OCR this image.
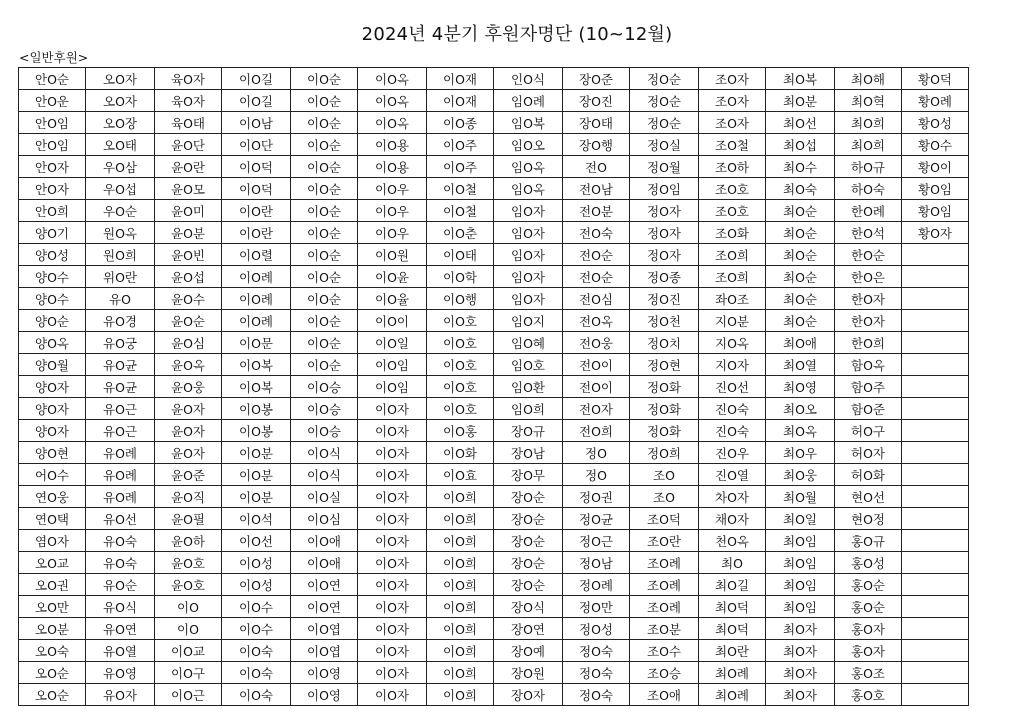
2024년 4분기 후원자명단 (10~12월)
<일반후원>
안O순	오O자	육O자	이O길	이O순	이O옥	이O재	인O식	장O준	정O순	조O자	최O복	최O해	황O덕
안O운	오O자	육O자	이O길	이O순	이O옥	이O재	임O례	장O진	정O순	조O자	최O분	최O혁	황O례
안O임	오O장	육O태	이O남	이O순	이O옥	이O종	임O복	장O태	정O순	조O자	최O선	최O희	황O성
안O임	오O태	윤O단	이O단	이O순	이O용	이O주	임O오	장O행	정O실	조O철	최O섭	최O희	황O수
안O자	우O삼	윤O란	이O덕	이O순	이O용	이O주	임O옥	전O	정O월	조O하	최O수	하O규	황O이
안O자	우O섭	윤O모	이O덕	이O순	이O우	이O철	임O옥	전O남	정O임	조O호	최O숙	하O숙	황O임
안O희	우O순	윤O미	이O란	이O순	이O우	이O철	임O자	전O분	정O자	조O호	최O순	한O례	황O임
양O기	원O옥	윤O분	이O란	이O순	이O우	이O춘	임O자	전O숙	정O자	조O화	최O순	한O석	황O자
양O성	원O희	윤O빈	이O렬	이O순	이O원	이O태	임O자	전O순	정O자	조O희	최O순	한O순	
양O수	위O란	윤O섭	이O례	이O순	이O윤	이O학	임O자	전O순	정O종	조O희	최O순	한O은	
양O수	유O	윤O수	이O례	이O순	이O율	이O행	임O자	전O심	정O진	좌O조	최O순	한O자	
양O순	유O경	윤O순	이O례	이O순	이O이	이O호	임O지	전O옥	정O천	지O분	최O순	한O자	
양O옥	유O궁	윤O심	이O문	이O순	이O일	이O호	임O혜	전O웅	정O치	지O옥	최O애	한O희	
양O월	유O균	윤O옥	이O복	이O순	이O임	이O호	임O호	전O이	정O현	지O자	최O열	함O옥	
양O자	유O균	윤O웅	이O복	이O승	이O임	이O호	임O환	전O이	정O화	진O선	최O영	함O주	
양O자	유O근	윤O자	이O봉	이O승	이O자	이O호	임O희	전O자	정O화	진O숙	최O오	함O준	
양O자	유O근	윤O자	이O봉	이O승	이O자	이O홍	장O규	전O희	정O화	진O숙	최O옥	허O구	
양O현	유O례	윤O자	이O분	이O식	이O자	이O화	장O남	정O	정O희	진O우	최O우	허O자	
어O수	유O례	윤O준	이O분	이O식	이O자	이O효	장O무	정O	조O	진O열	최O웅	허O화	
연O웅	유O례	윤O직	이O분	이O실	이O자	이O희	장O순	정O권	조O	차O자	최O월	현O선	
연O택	유O선	윤O필	이O석	이O심	이O자	이O희	장O순	정O균	조O덕	채O자	최O일	현O정	
염O자	유O숙	윤O하	이O선	이O애	이O자	이O희	장O순	정O근	조O란	천O옥	최O임	홍O규	
오O교	유O숙	윤O호	이O성	이O애	이O자	이O희	장O순	정O남	조O례	최O	최O임	홍O성	
오O권	유O순	윤O호	이O성	이O연	이O자	이O희	장O순	정O례	조O례	최O길	최O임	홍O순	
오O만	유O식	이O	이O수	이O연	이O자	이O희	장O식	정O만	조O례	최O덕	최O임	홍O순	
오O분	유O연	이O	이O수	이O엽	이O자	이O희	장O연	정O성	조O분	최O덕	최O자	홍O자	
오O숙	유O열	이O교	이O숙	이O엽	이O자	이O희	장O예	정O숙	조O수	최O란	최O자	홍O자	
오O순	유O영	이O구	이O숙	이O영	이O자	이O희	장O원	정O숙	조O승	최O례	최O자	홍O조	
오O순	유O자	이O근	이O숙	이O영	이O자	이O희	장O자	정O숙	조O애	최O례	최O자	홍O호	
